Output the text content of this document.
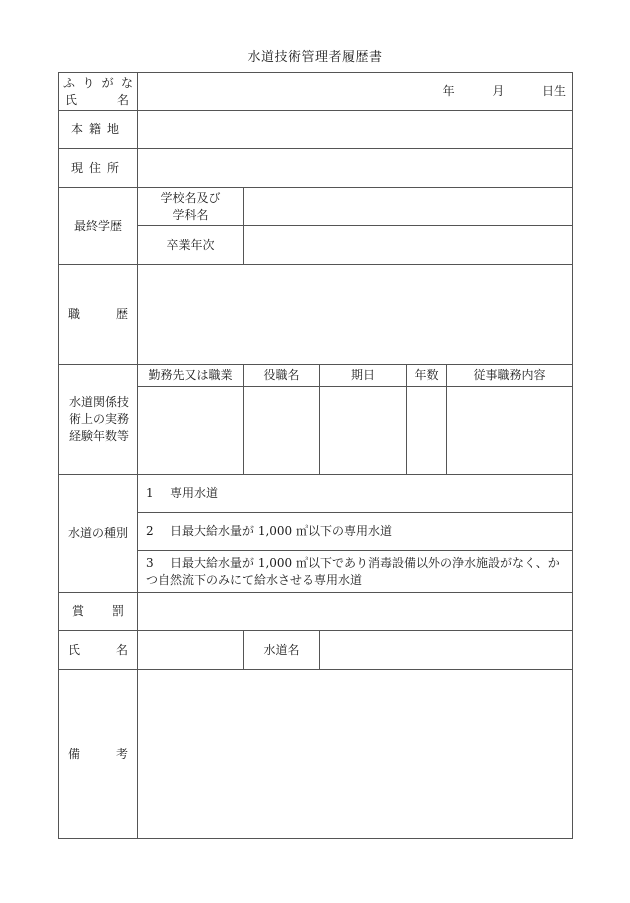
水道技術管理者履歴書
ふりがな
氏 名	年 月 日生				
本籍地					
現住所					
最終学歴	学校名及び
学科名				

	卒業年次				
職 歴					

水道関係技
術上の実務
経験年数等	勤務先又は職業	役職名	期日	年数	従事職務内容

水道の種別	1 専用水道				
	2 日最大給水量が 1,000 ㎥以下の専用水道				
	3 日最大給水量が 1,000 ㎥以下であり消毒設備以外の浄水施設がなく、かつ自然流下のみにて給水させる専用水道				
賞 罰					
氏 名		水道名			
備 考					
